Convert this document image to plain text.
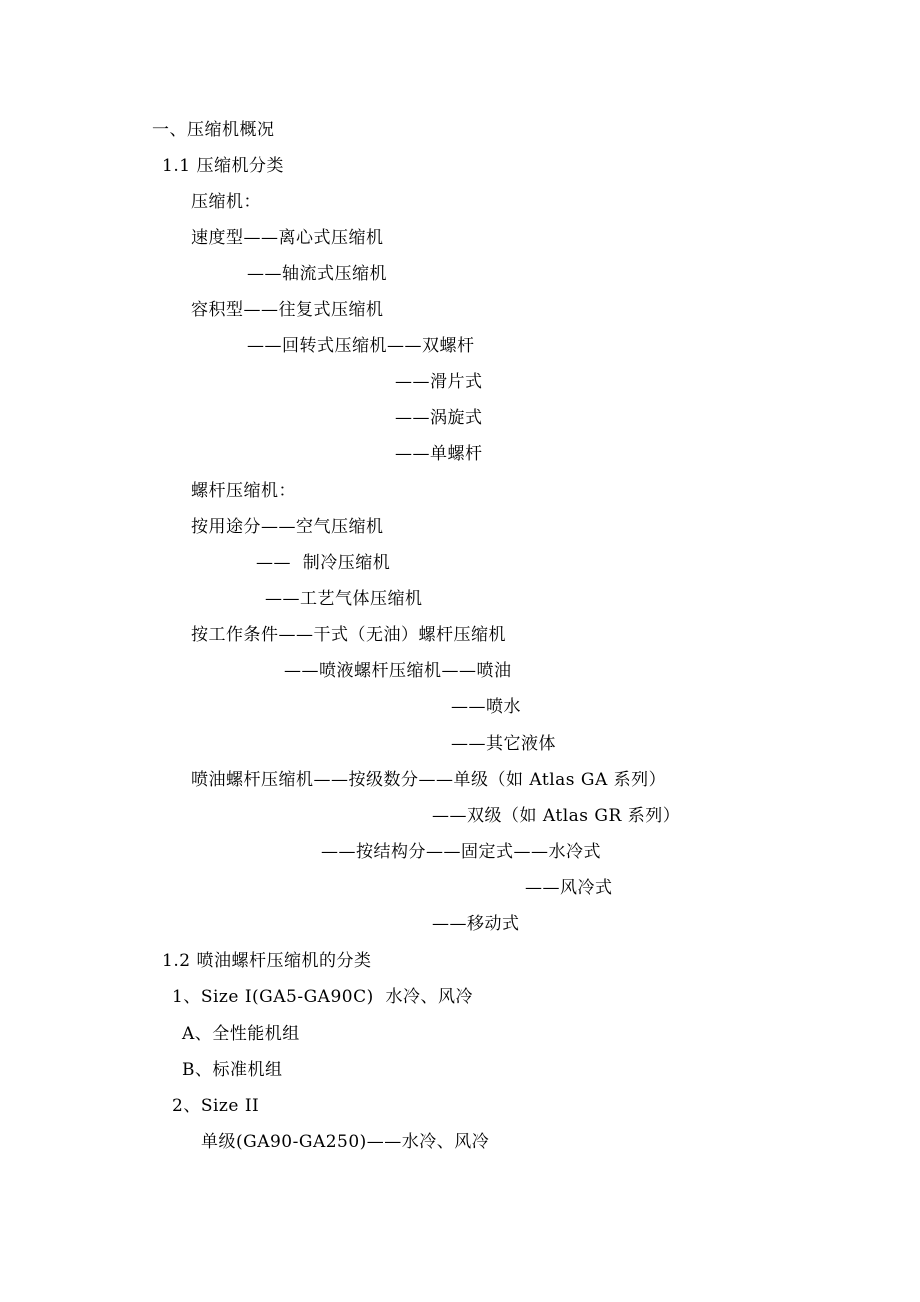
一、压缩机概况
1.1 压缩机分类
压缩机：
速度型——离心式压缩机
——轴流式压缩机
容积型——往复式压缩机
——回转式压缩机——双螺杆
——滑片式
——涡旋式
——单螺杆
螺杆压缩机：
按用途分——空气压缩机
——  制冷压缩机
——工艺气体压缩机
按工作条件——干式（无油）螺杆压缩机
——喷液螺杆压缩机——喷油
——喷水
——其它液体
喷油螺杆压缩机——按级数分——单级（如 Atlas GA 系列）
——双级（如 Atlas GR 系列）
——按结构分——固定式——水冷式
——风冷式
——移动式
1.2 喷油螺杆压缩机的分类
1、Size I(GA5-GA90C)  水冷、风冷
A、全性能机组
B、标准机组
2、Size II
单级(GA90-GA250)——水冷、风冷
